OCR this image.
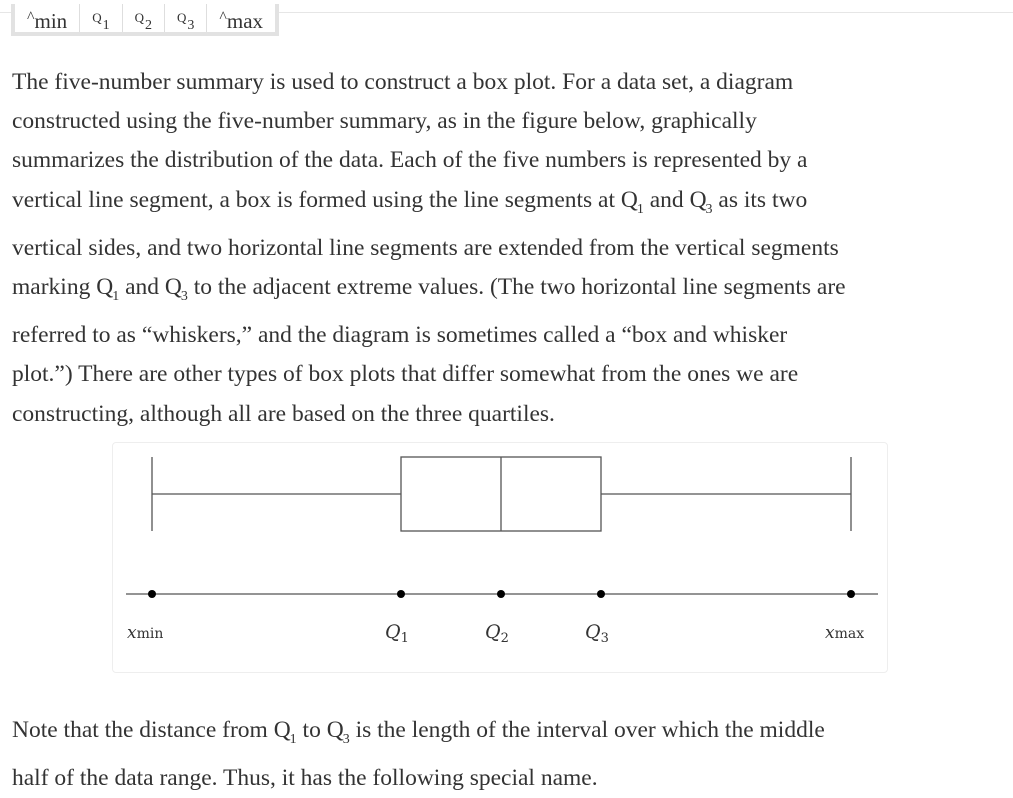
^min	$Q_1$
$Q_2$
$Q_3$	^max

The five-number summary is used to construct a box plot. For a data set, a diagram
constructed using the five-number summary, as in the figure below, graphically
summarizes the distribution of the data. Each of the five numbers is represented by a
vertical line segment, a box is formed using the line segments at $Q_1$ and $Q_3$ as its two
vertical sides, and two horizontal line segments are extended from the vertical segments
marking $Q_1$ and $Q_3$ to the adjacent extreme values. (The two horizontal line segments are
referred to as “whiskers,” and the diagram is sometimes called a “box and whisker
plot.”) There are other types of box plots that differ somewhat from the ones we are
constructing, although all are based on the three quartiles.

xmin	$Q_1$	$Q_2$	$Q_3$	xmax

Note that the distance from $Q_1$ to $Q_3$ is the length of the interval over which the middle
half of the data range. Thus, it has the following special name.
